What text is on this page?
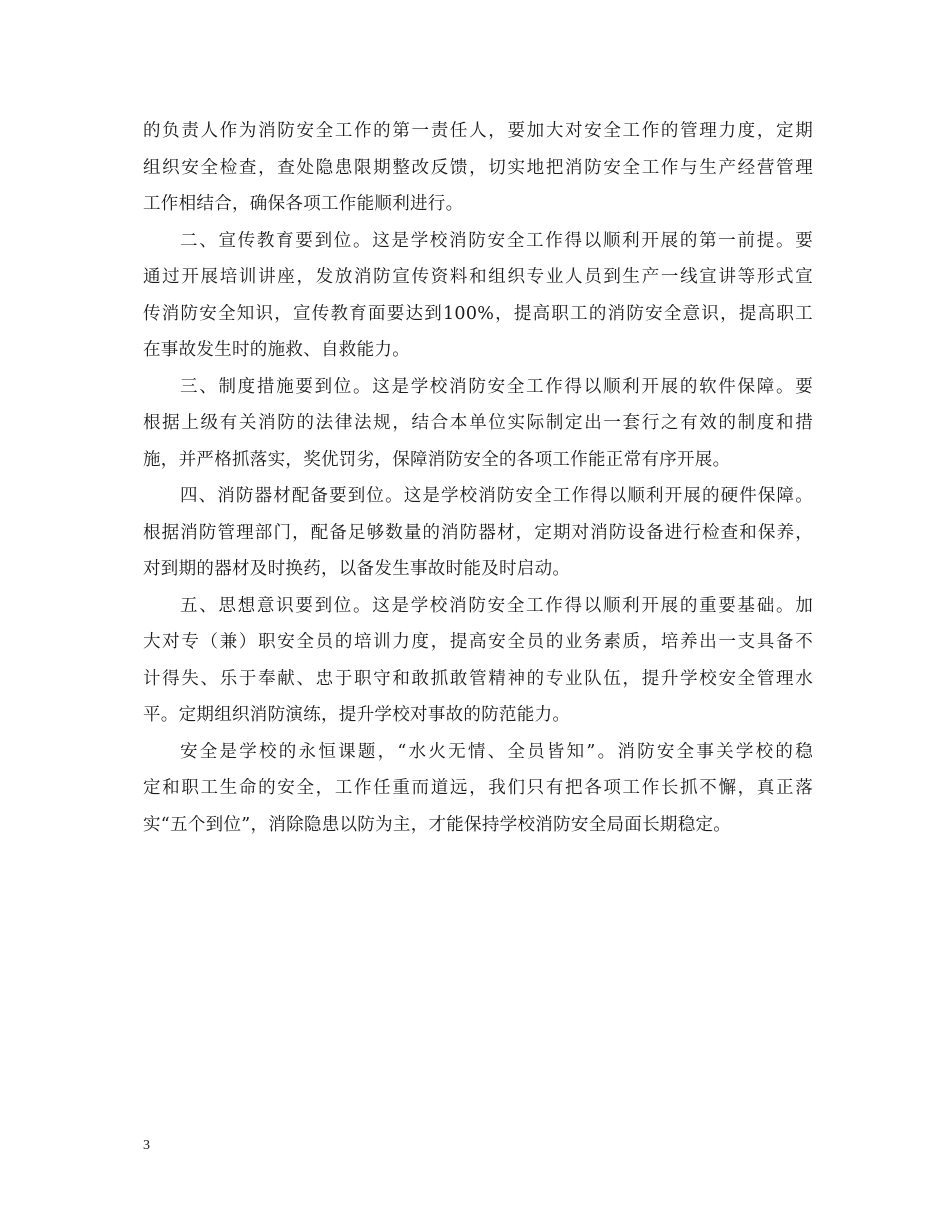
的负责人作为消防安全工作的第一责任人，要加大对安全工作的管理力度，定期
组织安全检查，查处隐患限期整改反馈，切实地把消防安全工作与生产经营管理
工作相结合，确保各项工作能顺利进行。
二、宣传教育要到位。这是学校消防安全工作得以顺利开展的第一前提。要
通过开展培训讲座，发放消防宣传资料和组织专业人员到生产一线宣讲等形式宣
传消防安全知识，宣传教育面要达到100%，提高职工的消防安全意识，提高职工
在事故发生时的施救、自救能力。
三、制度措施要到位。这是学校消防安全工作得以顺利开展的软件保障。要
根据上级有关消防的法律法规，结合本单位实际制定出一套行之有效的制度和措
施，并严格抓落实，奖优罚劣，保障消防安全的各项工作能正常有序开展。
四、消防器材配备要到位。这是学校消防安全工作得以顺利开展的硬件保障。
根据消防管理部门，配备足够数量的消防器材，定期对消防设备进行检查和保养，
对到期的器材及时换药，以备发生事故时能及时启动。
五、思想意识要到位。这是学校消防安全工作得以顺利开展的重要基础。加
大对专（兼）职安全员的培训力度，提高安全员的业务素质，培养出一支具备不
计得失、乐于奉献、忠于职守和敢抓敢管精神的专业队伍，提升学校安全管理水
平。定期组织消防演练，提升学校对事故的防范能力。
安全是学校的永恒课题，“水火无情、全员皆知”。消防安全事关学校的稳
定和职工生命的安全，工作任重而道远，我们只有把各项工作长抓不懈，真正落
实“五个到位”，消除隐患以防为主，才能保持学校消防安全局面长期稳定。
3
